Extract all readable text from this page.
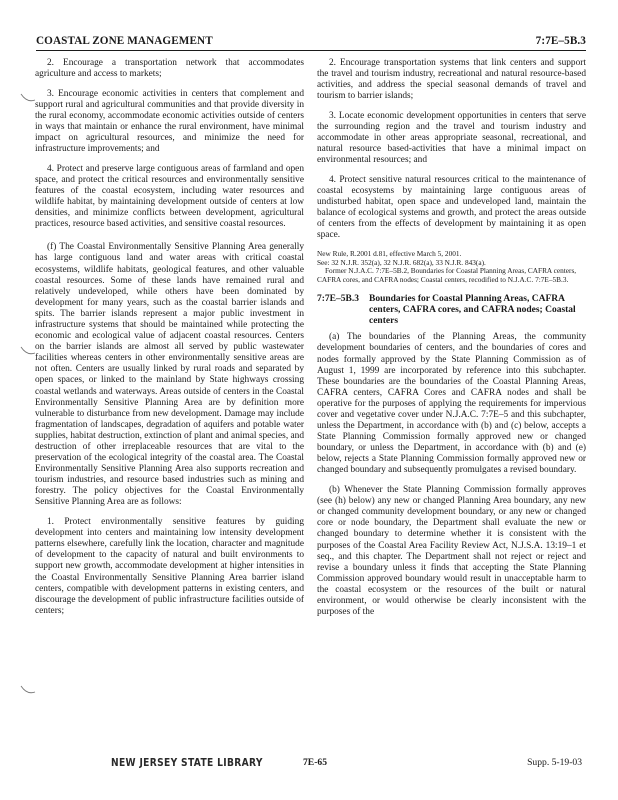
COASTAL ZONE MANAGEMENT	7:7E–5B.3

2. Encourage a transportation network that accommodates agriculture and access to markets;

3. Encourage economic activities in centers that complement and support rural and agricultural communities and that provide diversity in the rural economy, accommodate economic activities outside of centers in ways that maintain or enhance the rural environment, have minimal impact on agricultural resources, and minimize the need for infrastructure improvements; and

4. Protect and preserve large contiguous areas of farmland and open space, and protect the critical resources and environmentally sensitive features of the coastal ecosystem, including water resources and wildlife habitat, by maintaining development outside of centers at low densities, and minimize conflicts between development, agricultural practices, resource based activities, and sensitive coastal resources.

(f) The Coastal Environmentally Sensitive Planning Area generally has large contiguous land and water areas with critical coastal ecosystems, wildlife habitats, geological features, and other valuable coastal resources. Some of these lands have remained rural and relatively undeveloped, while others have been dominated by development for many years, such as the coastal barrier islands and spits. The barrier islands represent a major public investment in infrastructure systems that should be maintained while protecting the economic and ecological value of adjacent coastal resources. Centers on the barrier islands are almost all served by public wastewater facilities whereas centers in other environmentally sensitive areas are not often. Centers are usually linked by rural roads and separated by open spaces, or linked to the mainland by State highways crossing coastal wetlands and waterways. Areas outside of centers in the Coastal Environmentally Sensitive Planning Area are by definition more vulnerable to disturbance from new development. Damage may include fragmentation of landscapes, degradation of aquifers and potable water supplies, habitat destruction, extinction of plant and animal species, and destruction of other irreplaceable resources that are vital to the preservation of the ecological integrity of the coastal area. The Coastal Environmentally Sensitive Planning Area also supports recreation and tourism industries, and resource based industries such as mining and forestry. The policy objectives for the Coastal Environmentally Sensitive Planning Area are as follows:

1. Protect environmentally sensitive features by guiding development into centers and maintaining low intensity development patterns elsewhere, carefully link the location, character and magnitude of development to the capacity of natural and built environments to support new growth, accommodate development at higher intensities in the Coastal Environmentally Sensitive Planning Area barrier island centers, compatible with development patterns in existing centers, and discourage the development of public infrastructure facilities outside of centers;

2. Encourage transportation systems that link centers and support the travel and tourism industry, recreational and natural resource-based activities, and address the special seasonal demands of travel and tourism to barrier islands;

3. Locate economic development opportunities in centers that serve the surrounding region and the travel and tourism industry and accommodate in other areas appropriate seasonal, recreational, and natural resource based-activities that have a minimal impact on environmental resources; and

4. Protect sensitive natural resources critical to the maintenance of coastal ecosystems by maintaining large contiguous areas of undisturbed habitat, open space and undeveloped land, maintain the balance of ecological systems and growth, and protect the areas outside of centers from the effects of development by maintaining it as open space.

New Rule, R.2001 d.81, effective March 5, 2001.
See: 32 N.J.R. 352(a), 32 N.J.R. 682(a), 33 N.J.R. 843(a).
Former N.J.A.C. 7:7E–5B.2, Boundaries for Coastal Planning Areas, CAFRA centers, CAFRA cores, and CAFRA nodes; Coastal centers, recodified to N.J.A.C. 7:7E–5B.3.
7:7E–5B.3	Boundaries for Coastal Planning Areas, CAFRA centers, CAFRA cores, and CAFRA nodes; Coastal centers

(a) The boundaries of the Planning Areas, the community development boundaries of centers, and the boundaries of cores and nodes formally approved by the State Planning Commission as of August 1, 1999 are incorporated by reference into this subchapter. These boundaries are the boundaries of the Coastal Planning Areas, CAFRA centers, CAFRA Cores and CAFRA nodes and shall be operative for the purposes of applying the requirements for impervious cover and vegetative cover under N.J.A.C. 7:7E–5 and this subchapter, unless the Department, in accordance with (b) and (c) below, accepts a State Planning Commission formally approved new or changed boundary, or unless the Department, in accordance with (b) and (e) below, rejects a State Planning Commission formally approved new or changed boundary and subsequently promulgates a revised boundary.

(b) Whenever the State Planning Commission formally approves (see (h) below) any new or changed Planning Area boundary, any new or changed community development boundary, or any new or changed core or node boundary, the Department shall evaluate the new or changed boundary to determine whether it is consistent with the purposes of the Coastal Area Facility Review Act, N.J.S.A. 13:19–1 et seq., and this chapter. The Department shall not reject or reject and revise a boundary unless it finds that accepting the State Planning Commission approved boundary would result in unacceptable harm to the coastal ecosystem or the resources of the built or natural environment, or would otherwise be clearly inconsistent with the purposes of the

NEW JERSEY STATE LIBRARY	7E-65	Supp. 5-19-03
